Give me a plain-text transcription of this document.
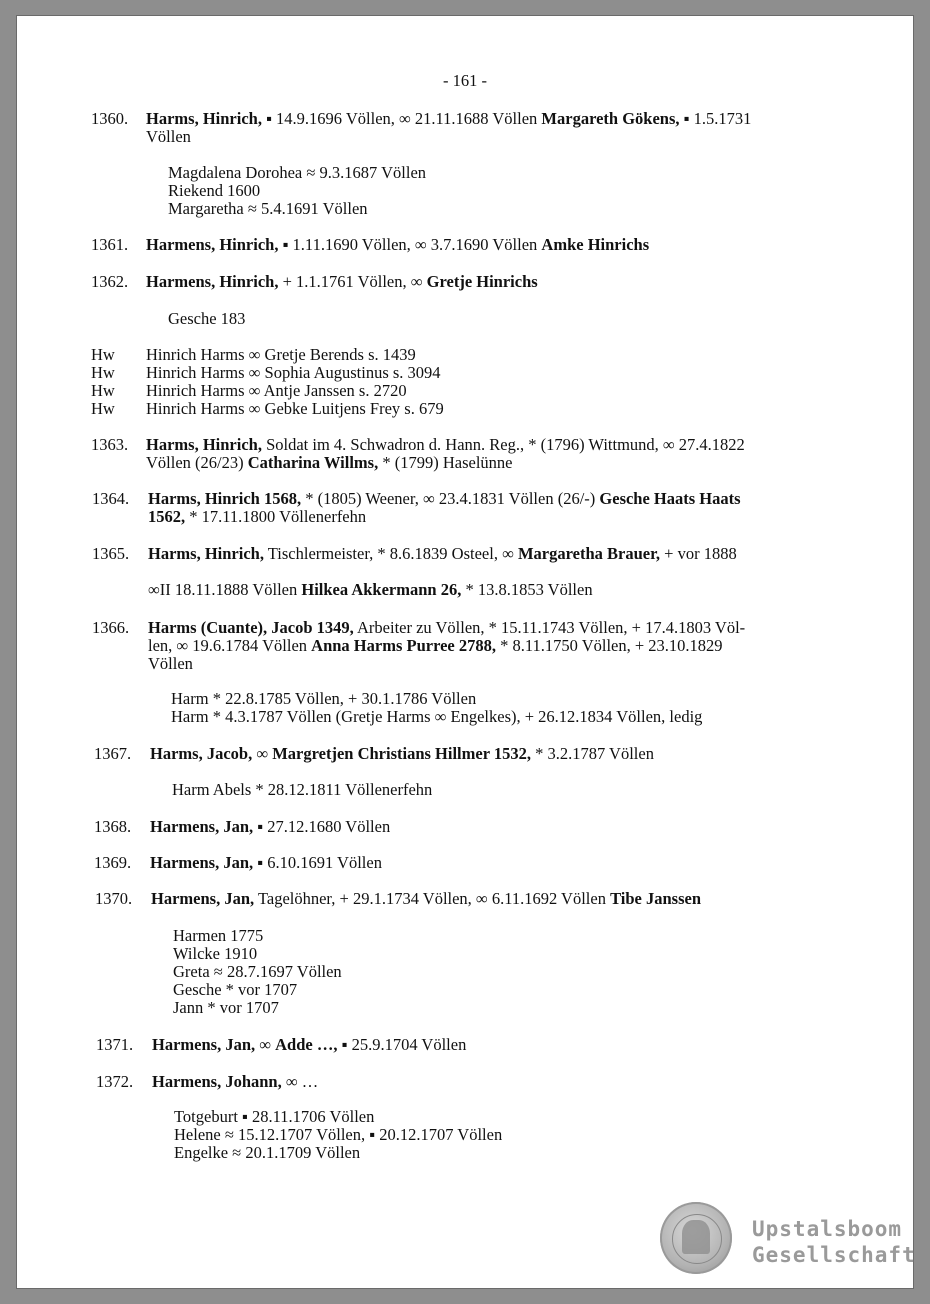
- 161 -
1360. Harms, Hinrich, ▪ 14.9.1696 Völlen, ∞ 21.11.1688 Völlen Margareth Gökens, ▪ 1.5.1731
Völlen
Magdalena Dorohea ≈ 9.3.1687 Völlen
Riekend 1600
Margaretha ≈ 5.4.1691 Völlen
1361. Harmens, Hinrich, ▪ 1.11.1690 Völlen, ∞ 3.7.1690 Völlen Amke Hinrichs
1362. Harmens, Hinrich, + 1.1.1761 Völlen, ∞ Gretje Hinrichs
Gesche 183
Hw Hinrich Harms ∞ Gretje Berends s. 1439
Hw Hinrich Harms ∞ Sophia Augustinus s. 3094
Hw Hinrich Harms ∞ Antje Janssen s. 2720
Hw Hinrich Harms ∞ Gebke Luitjens Frey s. 679
1363. Harms, Hinrich, Soldat im 4. Schwadron d. Hann. Reg., * (1796) Wittmund, ∞ 27.4.1822
Völlen (26/23) Catharina Willms, * (1799) Haselünne
1364. Harms, Hinrich 1568, * (1805) Weener, ∞ 23.4.1831 Völlen (26/-) Gesche Haats Haats
1562, * 17.11.1800 Völlenerfehn
1365. Harms, Hinrich, Tischlermeister, * 8.6.1839 Osteel, ∞ Margaretha Brauer, + vor 1888
∞II 18.11.1888 Völlen Hilkea Akkermann 26, * 13.8.1853 Völlen
1366. Harms (Cuante), Jacob 1349, Arbeiter zu Völlen, * 15.11.1743 Völlen, + 17.4.1803 Völ-
len, ∞ 19.6.1784 Völlen Anna Harms Purree 2788, * 8.11.1750 Völlen, + 23.10.1829
Völlen
Harm * 22.8.1785 Völlen, + 30.1.1786 Völlen
Harm * 4.3.1787 Völlen (Gretje Harms ∞ Engelkes), + 26.12.1834 Völlen, ledig
1367. Harms, Jacob, ∞ Margretjen Christians Hillmer 1532, * 3.2.1787 Völlen
Harm Abels * 28.12.1811 Völlenerfehn
1368. Harmens, Jan, ▪ 27.12.1680 Völlen
1369. Harmens, Jan, ▪ 6.10.1691 Völlen
1370. Harmens, Jan, Tagelöhner, + 29.1.1734 Völlen, ∞ 6.11.1692 Völlen Tibe Janssen
Harmen 1775
Wilcke 1910
Greta ≈ 28.7.1697 Völlen
Gesche * vor 1707
Jann * vor 1707
1371. Harmens, Jan, ∞ Adde …, ▪ 25.9.1704 Völlen
1372. Harmens, Johann, ∞ …
Totgeburt ▪ 28.11.1706 Völlen
Helene ≈ 15.12.1707 Völlen, ▪ 20.12.1707 Völlen
Engelke ≈ 20.1.1709 Völlen
Upstalsboom
Gesellschaft
